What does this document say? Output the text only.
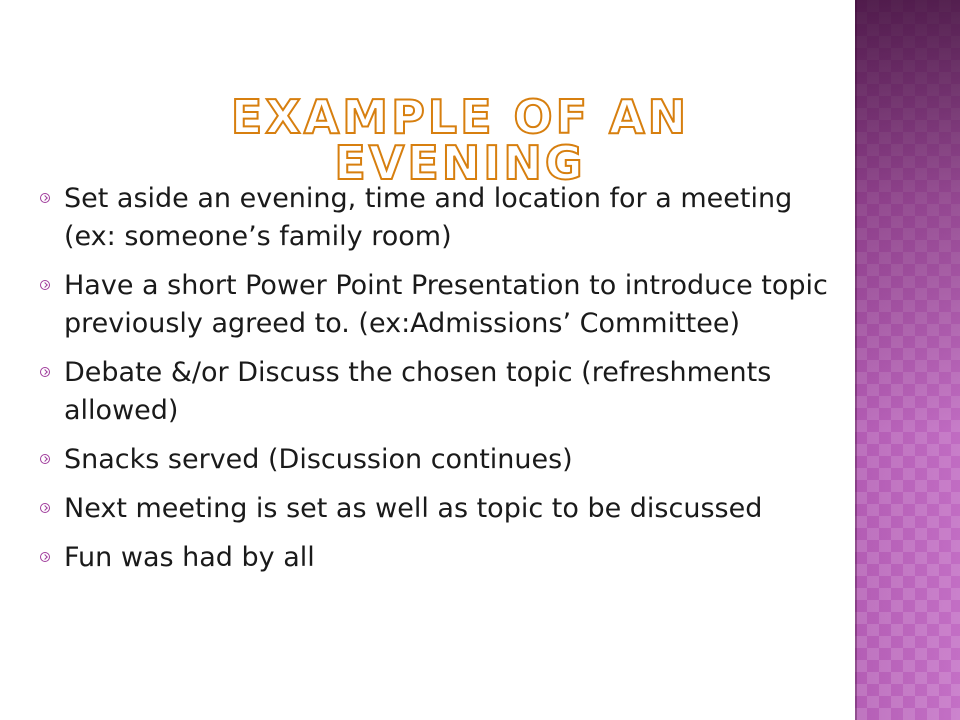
EXAMPLE OF AN EVENING
Set aside an evening, time and location for a meeting (ex: someone’s family room)
Have a short Power Point Presentation to introduce topic previously agreed to. (ex:Admissions’ Committee)
Debate &/or Discuss the chosen topic (refreshments allowed)
Snacks served (Discussion continues)
Next meeting is set as well as topic to be discussed
Fun was had by all
